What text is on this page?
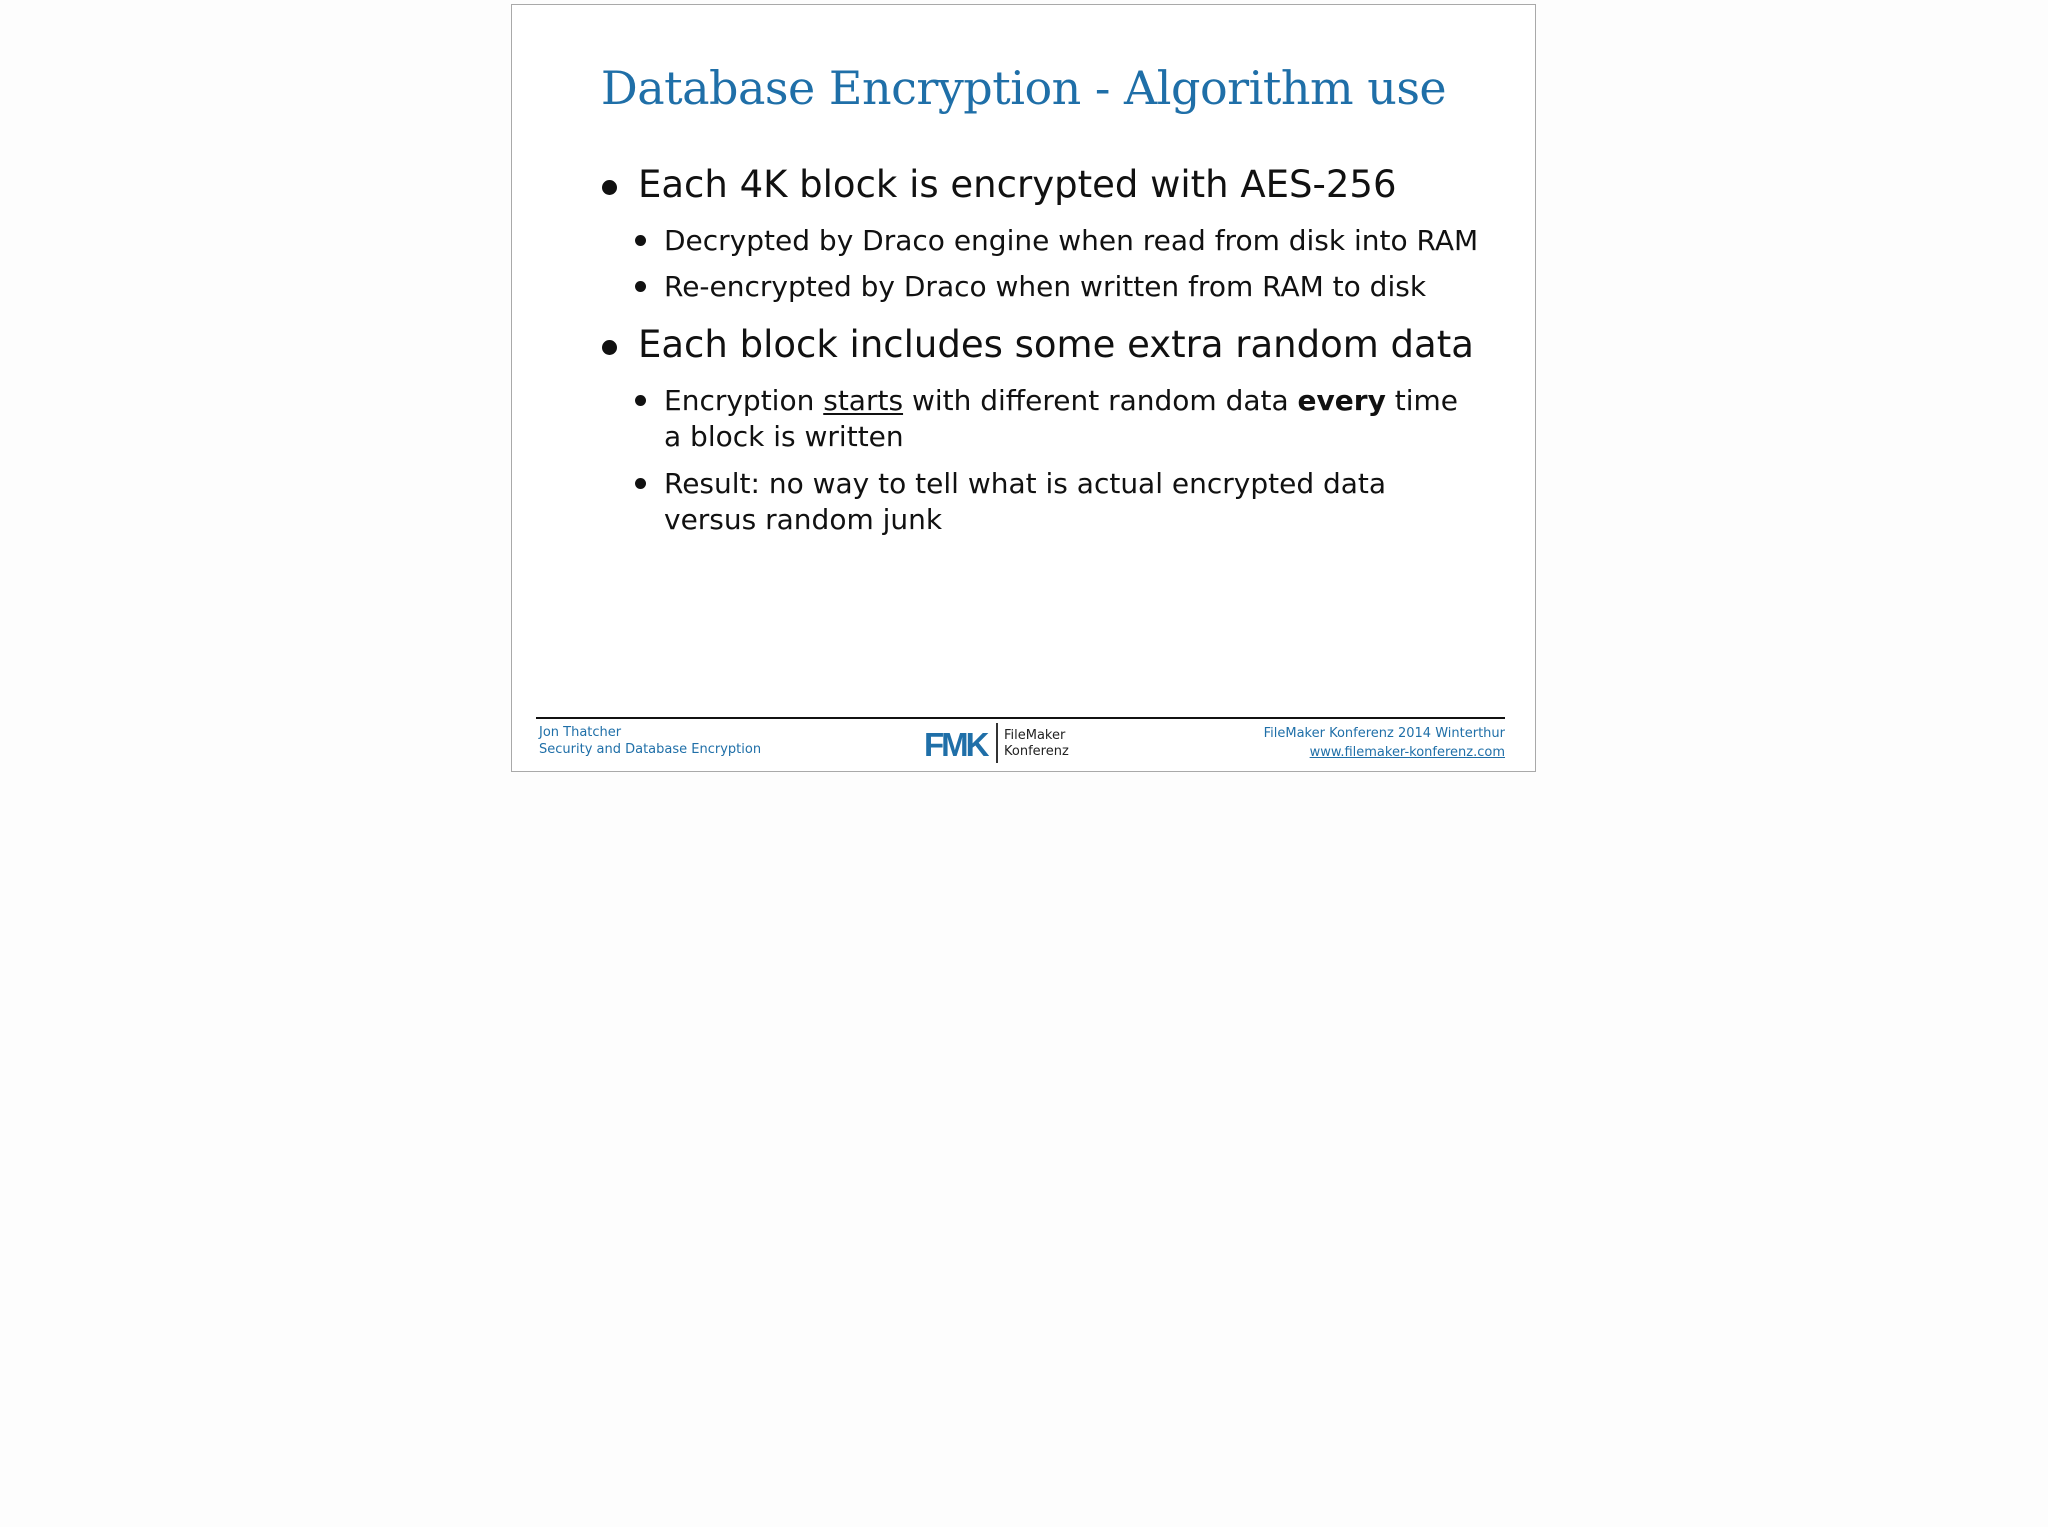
Database Encryption - Algorithm use
Each 4K block is encrypted with AES-256
Decrypted by Draco engine when read from disk into RAM
Re-encrypted by Draco when written from RAM to disk
Each block includes some extra random data
Encryption starts with different random data every time a block is written
Result: no way to tell what is actual encrypted data versus random junk
Jon Thatcher
Security and Database Encryption	FMK FileMaker
Konferenz
FileMaker Konferenz 2014 Winterthur
www.filemaker-konferenz.com
